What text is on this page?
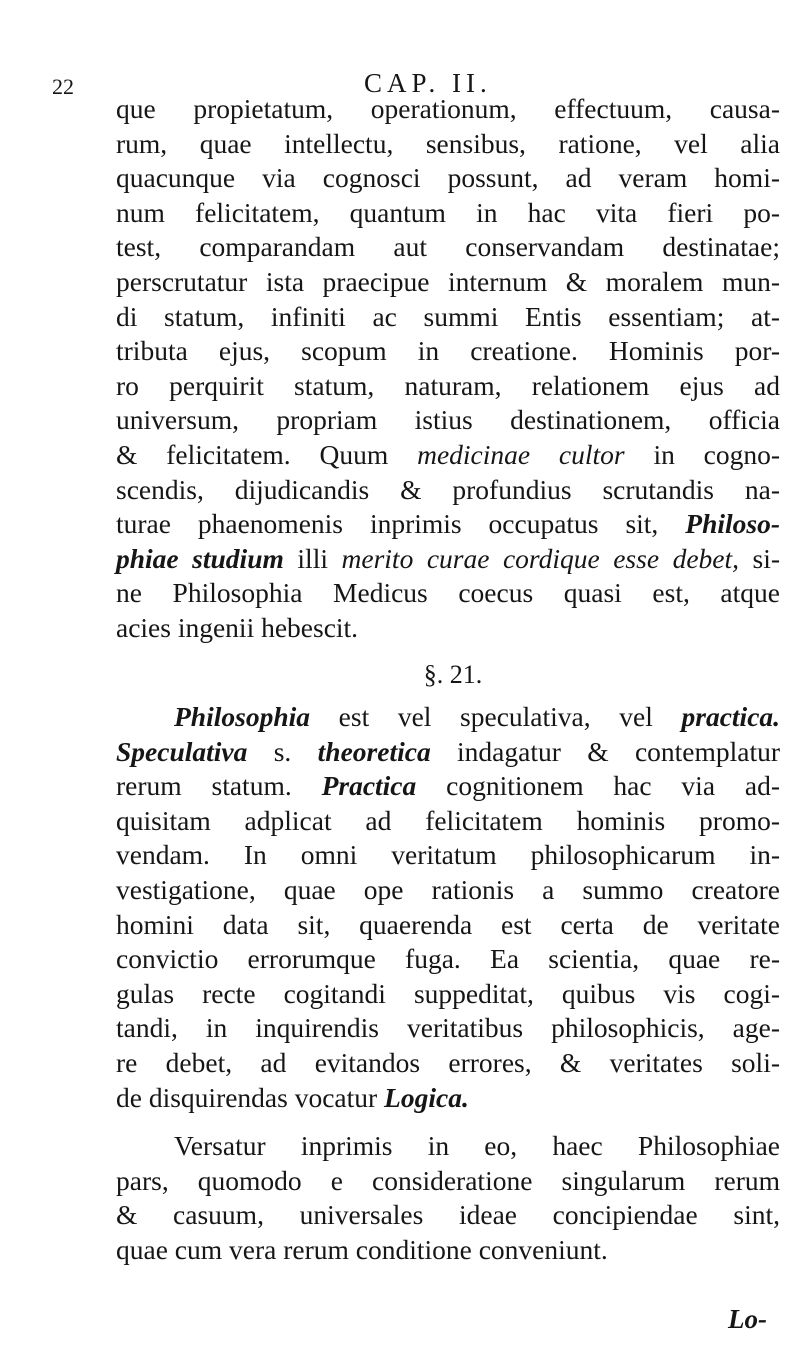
22	CAP. II.
que propietatum, operationum, effectuum, causa-
rum, quae intellectu, sensibus, ratione, vel alia
quacunque via cognosci possunt, ad veram homi-
num felicitatem, quantum in hac vita fieri po-
test, comparandam aut conservandam destinatae;
perscrutatur ista praecipue internum & moralem mun-
di statum, infiniti ac summi Entis essentiam; at-
tributa ejus, scopum in creatione. Hominis por-
ro perquirit statum, naturam, relationem ejus ad
universum, propriam istius destinationem, officia
& felicitatem. Quum medicinae cultor in cogno-
scendis, dijudicandis & profundius scrutandis na-
turae phaenomenis inprimis occupatus sit, Philoso-
phiae studium illi merito curae cordique esse debet, si-
ne Philosophia Medicus coecus quasi est, atque
acies ingenii hebescit.
§. 21.
Philosophia est vel speculativa, vel practica.
Speculativa s. theoretica indagatur & contemplatur
rerum statum. Practica cognitionem hac via ad-
quisitam adplicat ad felicitatem hominis promo-
vendam. In omni veritatum philosophicarum in-
vestigatione, quae ope rationis a summo creatore
homini data sit, quaerenda est certa de veritate
convictio errorumque fuga. Ea scientia, quae re-
gulas recte cogitandi suppeditat, quibus vis cogi-
tandi, in inquirendis veritatibus philosophicis, age-
re debet, ad evitandos errores, & veritates soli-
de disquirendas vocatur Logica.
Versatur inprimis in eo, haec Philosophiae
pars, quomodo e consideratione singularum rerum
& casuum, universales ideae concipiendae sint,
quae cum vera rerum conditione conveniunt.
Lo-
